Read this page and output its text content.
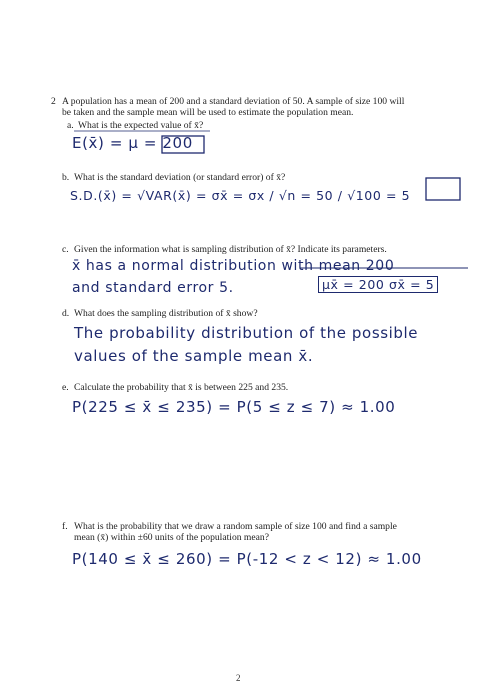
2 A population has a mean of 200 and a standard deviation of 50. A sample of size 100 will
be taken and the sample mean will be used to estimate the population mean.
a. What is the expected value of x̄?
E(x̄) = μ = 200
b. What is the standard deviation (or standard error) of x̄?
S.D.(x̄) = √VAR(x̄) = σx̄ = σx / √n = 50 / √100 = 5
c. Given the information what is sampling distribution of x̄? Indicate its parameters.
x̄ has a normal distribution with mean 200
and standard error 5.	μx̄ = 200 σx̄ = 5
d. What does the sampling distribution of x̄ show?
The probability distribution of the possible
values of the sample mean x̄.
e. Calculate the probability that x̄ is between 225 and 235.
P(225 ≤ x̄ ≤ 235) = P(5 ≤ z ≤ 7) ≈ 1.00
f. What is the probability that we draw a random sample of size 100 and find a sample
mean (x̄) within ±60 units of the population mean?
P(140 ≤ x̄ ≤ 260) = P(-12 < z < 12) ≈ 1.00
2
